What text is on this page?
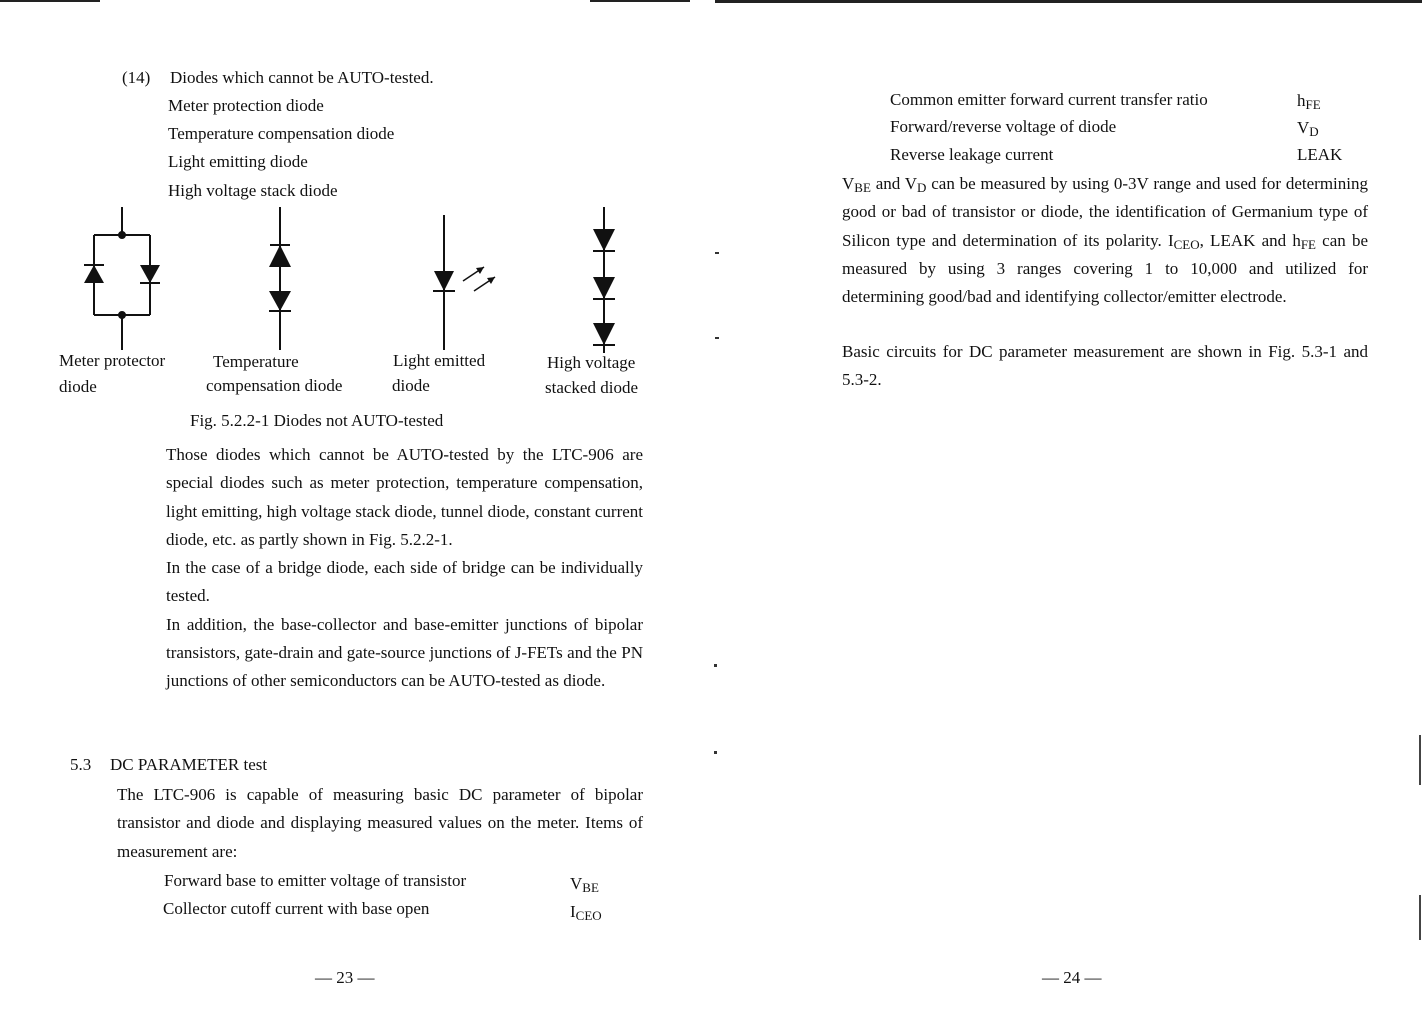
(14) Diodes which cannot be AUTO-tested.
Meter protection diode
Temperature compensation diode
Light emitting diode
High voltage stack diode
Meter protector
diode
Temperature
compensation diode
Light emitted
diode
High voltage
stacked diode
Fig. 5.2.2-1 Diodes not AUTO-tested

Those diodes which cannot be AUTO-tested by the LTC-906 are special diodes such as meter protection, temperature compensation, light emitting, high voltage stack diode, tunnel diode, constant current diode, etc. as partly shown in Fig. 5.2.2-1.

In the case of a bridge diode, each side of bridge can be individually tested.

In addition, the base-collector and base-emitter junctions of bipolar transistors, gate-drain and gate-source junctions of J-FETs and the PN junctions of other semiconductors can be AUTO-tested as diode.

5.3 DC PARAMETER test
The LTC-906 is capable of measuring basic DC parameter of bipolar transistor and diode and displaying measured values on the meter. Items of measurement are:
Forward base to emitter voltage of transistor	$V_{BE}$
Collector cutoff current with base open	$I_{CEO}$
— 23 —
Common emitter forward current transfer ratio	$h_{FE}$
Forward/reverse voltage of diode	$V_D$
Reverse leakage current	LEAK
$V_{BE}$ and $V_D$ can be measured by using 0-3V range and used for determining good or bad of transistor or diode, the identification of Germanium type of Silicon type and determination of its polarity. $I_{CEO}$, LEAK and $h_{FE}$ can be measured by using 3 ranges covering 1 to 10,000 and utilized for determining good/bad and identifying collector/emitter electrode.
Basic circuits for DC parameter measurement are shown in Fig. 5.3-1 and 5.3-2.
— 24 —
